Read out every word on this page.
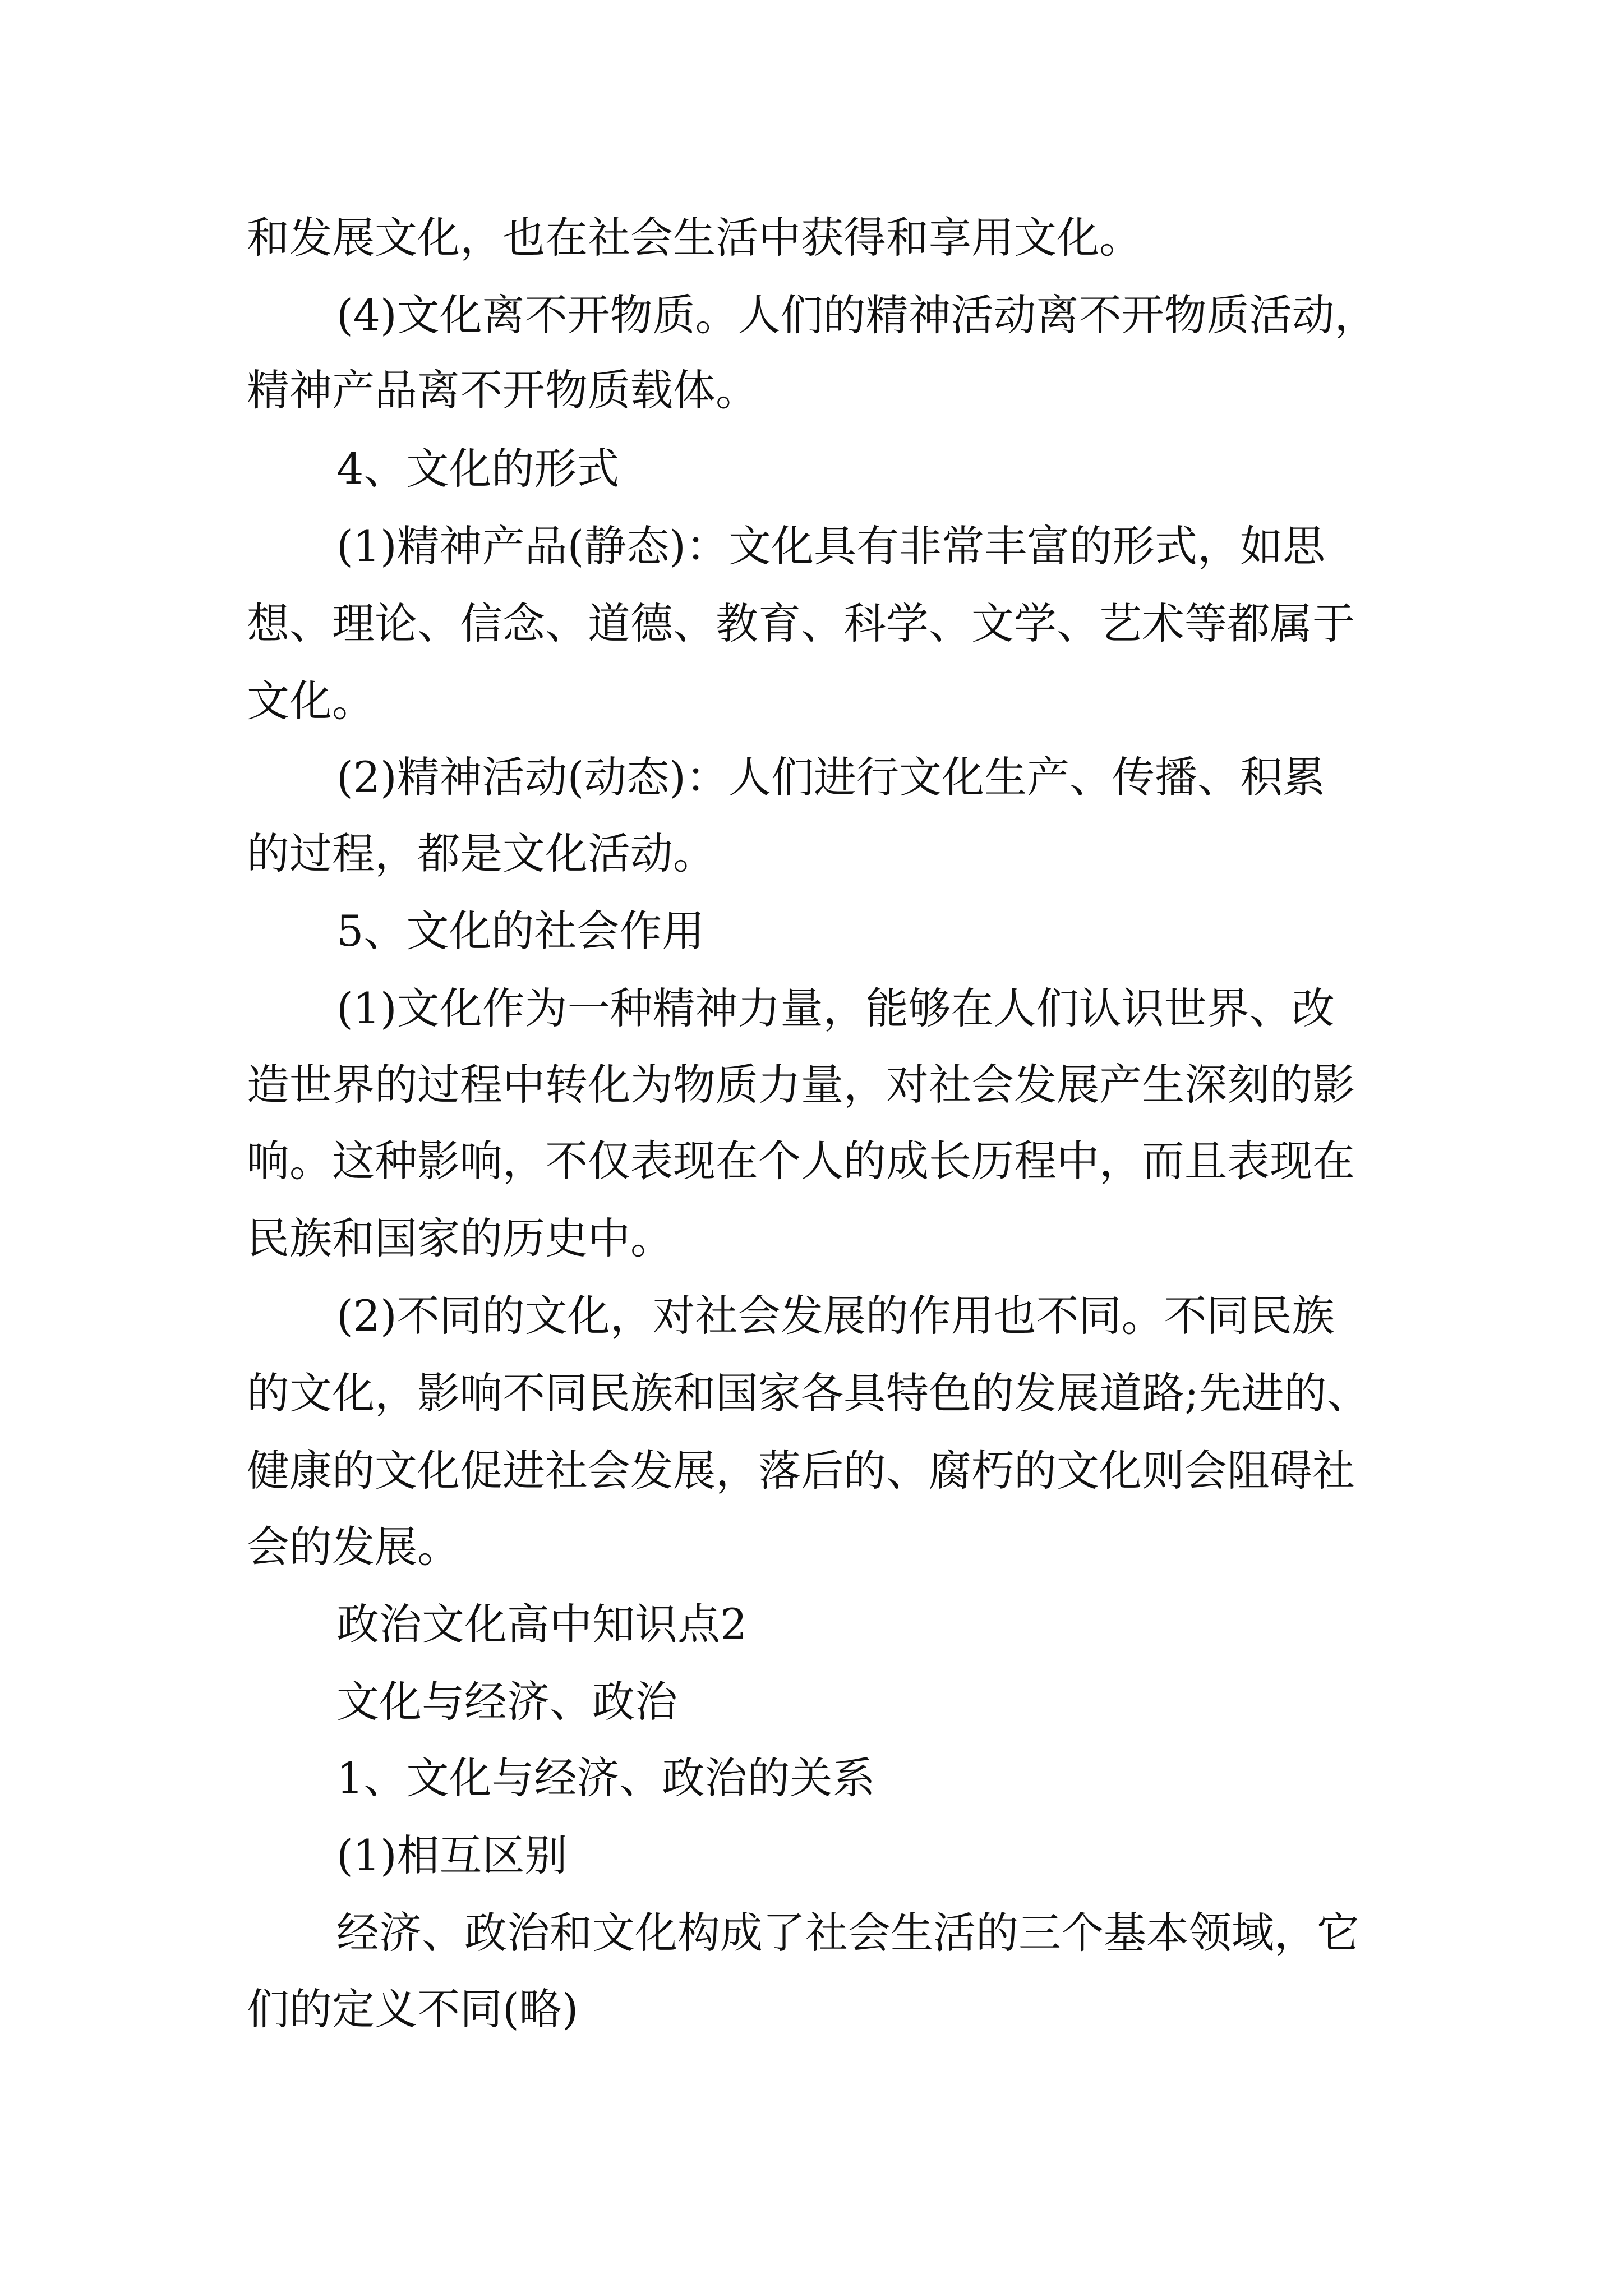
和发展文化，也在社会生活中获得和享用文化。

(4)文化离不开物质。人们的精神活动离不开物质活动，

精神产品离不开物质载体。

4、文化的形式

(1)精神产品(静态)：文化具有非常丰富的形式，如思

想、理论、信念、道德、教育、科学、文学、艺术等都属于

文化。

(2)精神活动(动态)：人们进行文化生产、传播、积累

的过程，都是文化活动。

5、文化的社会作用

(1)文化作为一种精神力量，能够在人们认识世界、改

造世界的过程中转化为物质力量，对社会发展产生深刻的影

响。这种影响，不仅表现在个人的成长历程中，而且表现在

民族和国家的历史中。

(2)不同的文化，对社会发展的作用也不同。不同民族

的文化，影响不同民族和国家各具特色的发展道路;先进的、

健康的文化促进社会发展，落后的、腐朽的文化则会阻碍社

会的发展。

政治文化高中知识点2

文化与经济、政治

1、文化与经济、政治的关系

(1)相互区别

经济、政治和文化构成了社会生活的三个基本领域，它

们的定义不同(略)
